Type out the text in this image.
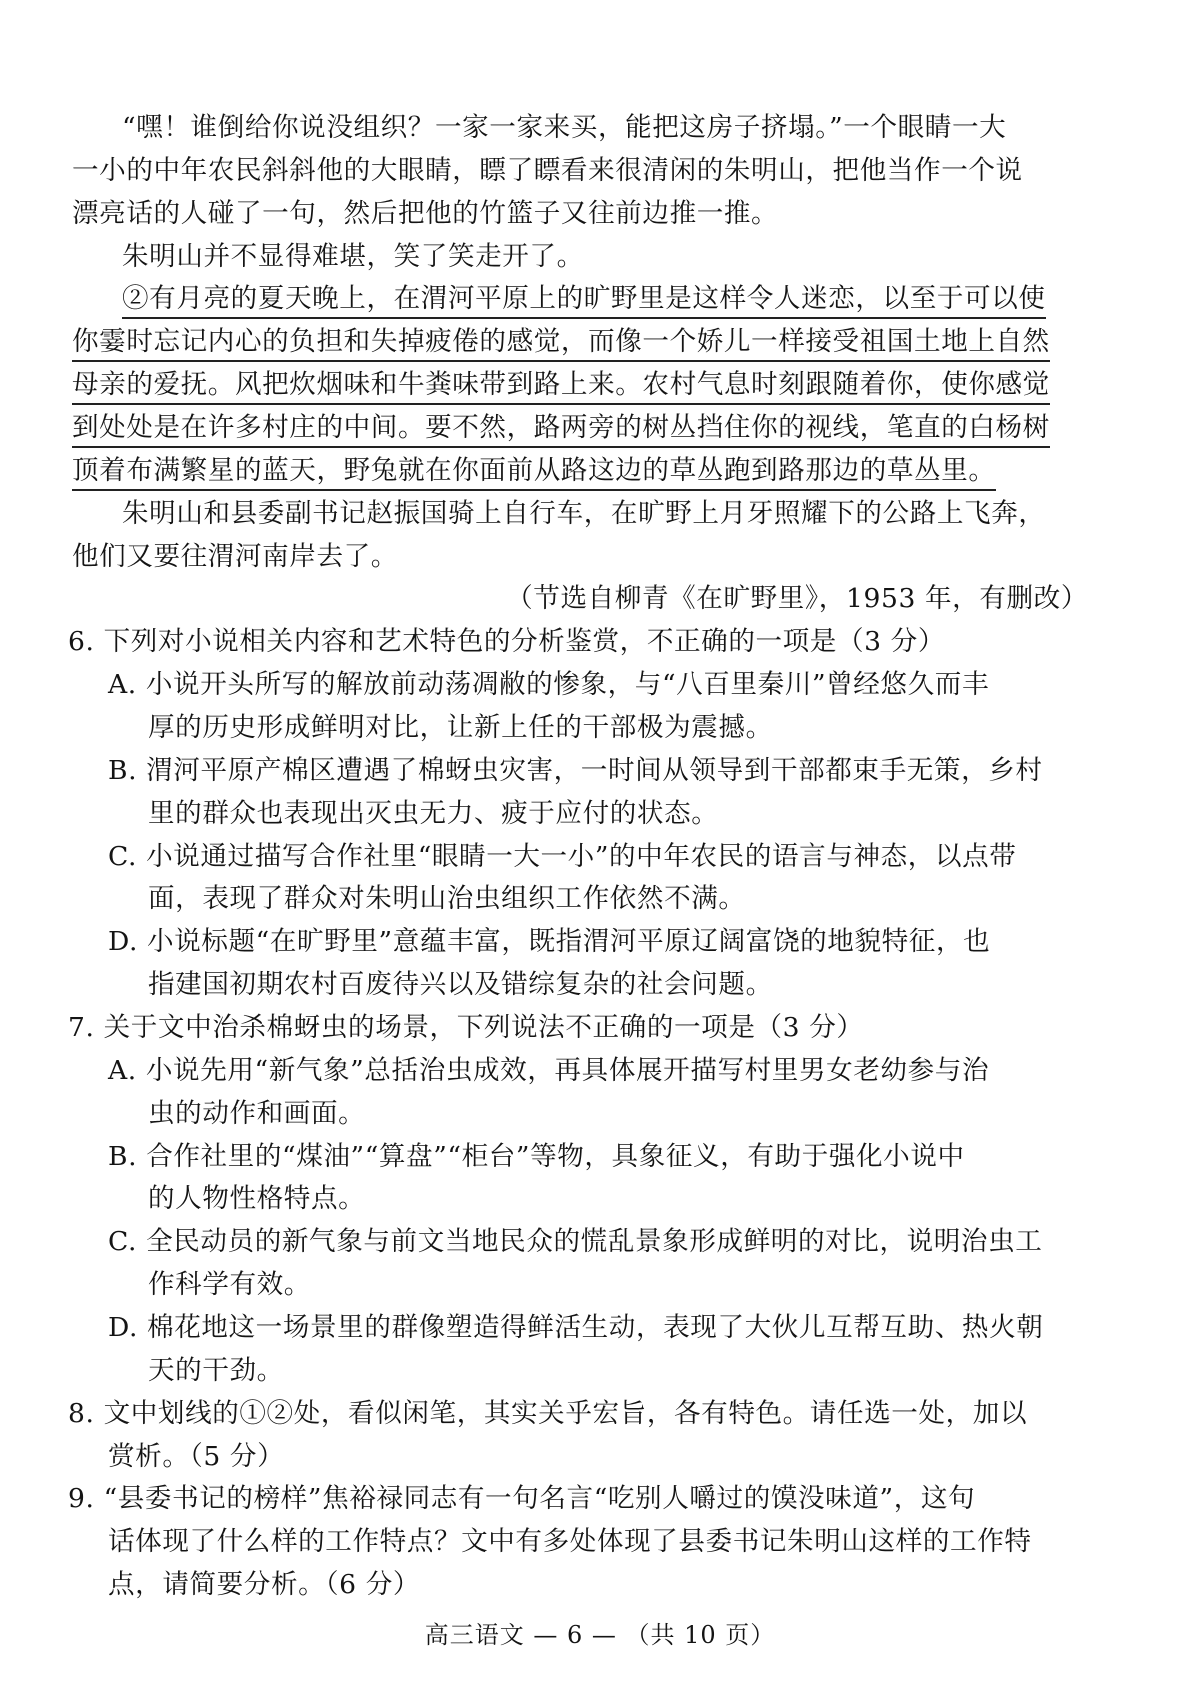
“嘿！谁倒给你说没组织？一家一家来买，能把这房子挤塌。”一个眼睛一大
一小的中年农民斜斜他的大眼睛，瞟了瞟看来很清闲的朱明山，把他当作一个说
漂亮话的人碰了一句，然后把他的竹篮子又往前边推一推。
朱明山并不显得难堪，笑了笑走开了。
②有月亮的夏天晚上，在渭河平原上的旷野里是这样令人迷恋，以至于可以使
你霎时忘记内心的负担和失掉疲倦的感觉，而像一个娇儿一样接受祖国土地上自然
母亲的爱抚。风把炊烟味和牛粪味带到路上来。农村气息时刻跟随着你，使你感觉
到处处是在许多村庄的中间。要不然，路两旁的树丛挡住你的视线，笔直的白杨树
顶着布满繁星的蓝天，野兔就在你面前从路这边的草丛跑到路那边的草丛里。
朱明山和县委副书记赵振国骑上自行车，在旷野上月牙照耀下的公路上飞奔，
他们又要往渭河南岸去了。
（节选自柳青《在旷野里》，1953 年，有删改）
6. 下列对小说相关内容和艺术特色的分析鉴赏，不正确的一项是（3 分）
A. 小说开头所写的解放前动荡凋敝的惨象，与“八百里秦川”曾经悠久而丰
厚的历史形成鲜明对比，让新上任的干部极为震撼。
B. 渭河平原产棉区遭遇了棉蚜虫灾害，一时间从领导到干部都束手无策，乡村
里的群众也表现出灭虫无力、疲于应付的状态。
C. 小说通过描写合作社里“眼睛一大一小”的中年农民的语言与神态，以点带
面，表现了群众对朱明山治虫组织工作依然不满。
D. 小说标题“在旷野里”意蕴丰富，既指渭河平原辽阔富饶的地貌特征，也
指建国初期农村百废待兴以及错综复杂的社会问题。
7. 关于文中治杀棉蚜虫的场景，下列说法不正确的一项是（3 分）
A. 小说先用“新气象”总括治虫成效，再具体展开描写村里男女老幼参与治
虫的动作和画面。
B. 合作社里的“煤油”“算盘”“柜台”等物，具象征义，有助于强化小说中
的人物性格特点。
C. 全民动员的新气象与前文当地民众的慌乱景象形成鲜明的对比，说明治虫工
作科学有效。
D. 棉花地这一场景里的群像塑造得鲜活生动，表现了大伙儿互帮互助、热火朝
天的干劲。
8. 文中划线的①②处，看似闲笔，其实关乎宏旨，各有特色。请任选一处，加以
赏析。（5 分）
9. “县委书记的榜样”焦裕禄同志有一句名言“吃别人嚼过的馍没味道”，这句
话体现了什么样的工作特点？文中有多处体现了县委书记朱明山这样的工作特
点，请简要分析。（6 分）
高三语文 — 6 — （共 10 页）
